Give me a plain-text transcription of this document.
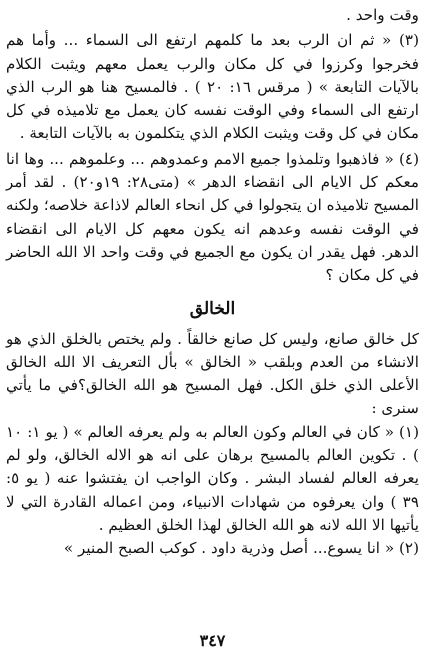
وقت واحد .

(٣) « ثم ان الرب بعد ما كلمهم ارتفع الى السماء ... وأما هم فخرجوا وكرزوا في كل مكان والرب يعمل معهم ويثبت الكلام بالآيات التابعة » ( مرقس ١٦: ٢٠ ) . فالمسيح هنا هو الرب الذي ارتفع الى السماء وفي الوقت نفسه كان يعمل مع تلاميذه في كل مكان في كل وقت ويثبت الكلام الذي يتكلمون به بالآيات التابعة .

(٤) « فاذهبوا وتلمذوا جميع الامم وعمدوهم ... وعلموهم ... وها انا معكم كل الايام الى انقضاء الدهر » (متى٢٨: ١٩و٢٠) . لقد أمر المسيح تلاميذه ان يتجولوا في كل انحاء العالم لاذاعة خلاصه؛ ولكنه في الوقت نفسه وعدهم انه يكون معهم كل الايام الى انقضاء الدهر. فهل يقدر ان يكون مع الجميع في وقت واحد الا الله الحاضر في كل مكان ؟

الخالق

كل خالق صانع، وليس كل صانع خالقاً . ولم يختص بالخلق الذي هو الانشاء من العدم وبلقب « الخالق » بأل التعريف الا الله الخالق الأعلى الذي خلق الكل. فهل المسيح هو الله الخالق؟في ما يأتي سنرى :

(١) « كان في العالم وكون العالم به ولم يعرفه العالم » ( يو ١: ١٠ ) . تكوين العالم بالمسيح برهان على انه هو الاله الخالق، ولو لم يعرفه العالم لفساد البشر . وكان الواجب ان يفتشوا عنه ( يو ٥: ٣٩ ) وان يعرفوه من شهادات الانبياء، ومن اعماله القادرة التي لا يأتيها الا الله لانه هو الله الخالق لهذا الخلق العظيم .

(٢) « انا يسوع... أصل وذرية داود . كوكب الصبح المنير »

٣٤٧
